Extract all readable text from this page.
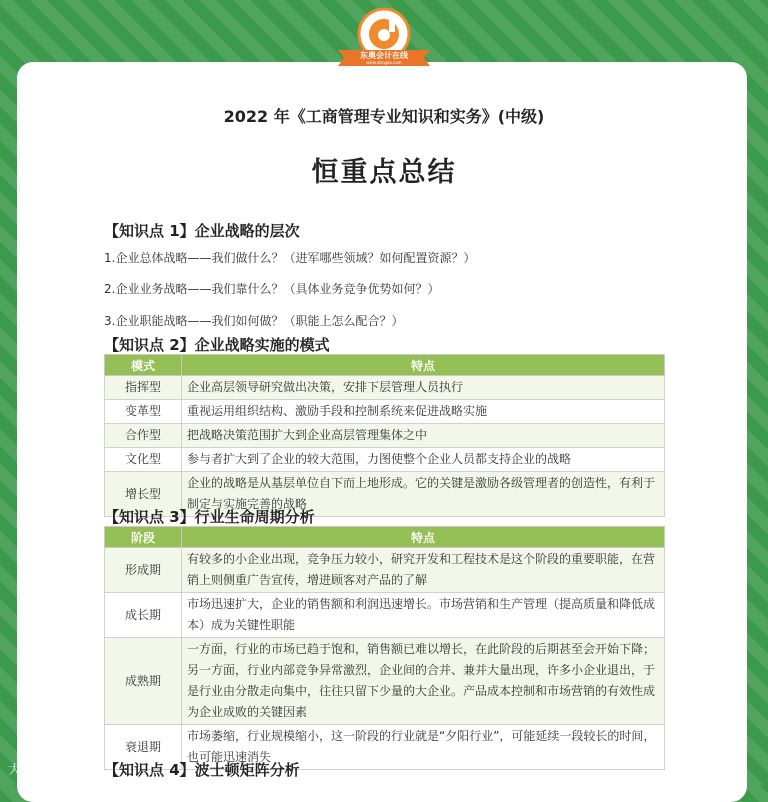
东奥会计在线
www.dongao.com
2022 年《工商管理专业知识和实务》(中级)
恒重点总结
【知识点 1】企业战略的层次
1.企业总体战略——我们做什么？（进军哪些领域？如何配置资源？）
2.企业业务战略——我们靠什么？（具体业务竞争优势如何？）
3.企业职能战略——我们如何做？（职能上怎么配合？）
【知识点 2】企业战略实施的模式
模式	特点
指挥型	企业高层领导研究做出决策，安排下层管理人员执行
变革型	重视运用组织结构、激励手段和控制系统来促进战略实施
合作型	把战略决策范围扩大到企业高层管理集体之中
文化型	参与者扩大到了企业的较大范围，力图使整个企业人员都支持企业的战略
增长型	企业的战略是从基层单位自下而上地形成。它的关键是激励各级管理者的创造性，有利于制定与实施完善的战略
【知识点 3】行业生命周期分析
阶段	特点
形成期	有较多的小企业出现，竞争压力较小，研究开发和工程技术是这个阶段的重要职能，在营销上则侧重广告宣传，增进顾客对产品的了解
成长期	市场迅速扩大，企业的销售额和利润迅速增长。市场营销和生产管理（提高质量和降低成本）成为关键性职能
成熟期	一方面，行业的市场已趋于饱和，销售额已难以增长，在此阶段的后期甚至会开始下降；另一方面，行业内部竞争异常激烈，企业间的合并、兼并大量出现，许多小企业退出，于是行业由分散走向集中，往往只留下少量的大企业。产品成本控制和市场营销的有效性成为企业成败的关键因素
衰退期	市场萎缩，行业规模缩小，这一阶段的行业就是“夕阳行业”，可能延续一段较长的时间，也可能迅速消失
【知识点 4】波士顿矩阵分析
大数跨境
